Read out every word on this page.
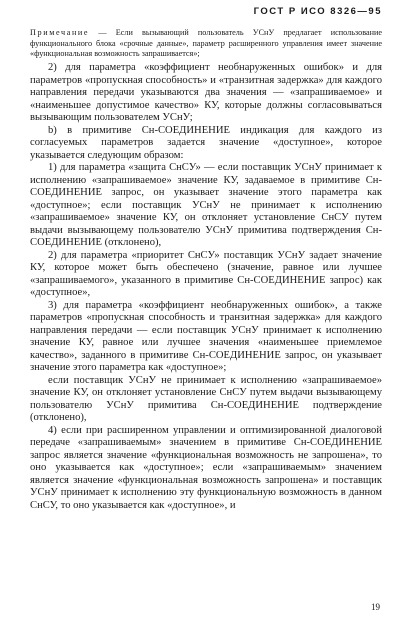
ГОСТ Р ИСО 8326—95
Примечание — Если вызывающий пользователь УСнУ предлагает использование функционального блока «срочные данные», параметр расширенного управления имеет значение «функциональная возможность запрашивается»;

2) для параметра «коэффициент необнаруженных ошибок» и для параметров «пропускная способность» и «транзитная задержка» для каждого направления передачи указываются два значения — «запрашиваемое» и «наименьшее допустимое качество» КУ, которые должны согласовываться вызывающим пользователем УСнУ;

b) в примитиве Сн-СОЕДИНЕНИЕ индикация для каждого из согласуемых параметров задается значение «доступное», которое указывается следующим образом:

1) для параметра «защита СнСУ» — если поставщик УСнУ принимает к исполнению «запрашиваемое» значение КУ, задаваемое в примитиве Сн-СОЕДИНЕНИЕ запрос, он указывает значение этого параметра как «доступное»; если поставщик УСнУ не принимает к исполнению «запрашиваемое» значение КУ, он отклоняет установление СнСУ путем выдачи вызывающему пользователю УСнУ примитива подтверждения Сн-СОЕДИНЕНИЕ (отклонено),

2) для параметра «приоритет СнСУ» поставщик УСнУ задает значение КУ, которое может быть обеспечено (значение, равное или лучшее «запрашиваемого», указанного в примитиве Сн-СОЕДИНЕНИЕ запрос) как «доступное»,

3) для параметра «коэффициент необнаруженных ошибок», а также параметров «пропускная способность и транзитная задержка» для каждого направления передачи — если поставщик УСнУ принимает к исполнению значение КУ, равное или лучшее значения «наименьшее приемлемое качество», заданного в примитиве Сн-СОЕДИНЕНИЕ запрос, он указывает значение этого параметра как «доступное»;

если поставщик УСнУ не принимает к исполнению «запрашиваемое» значение КУ, он отклоняет установление СнСУ путем выдачи вызывающему пользователю УСнУ примитива Сн-СОЕДИНЕНИЕ подтверждение (отклонено),

4) если при расширенном управлении и оптимизированной диалоговой передаче «запрашиваемым» значением в примитиве Сн-СОЕДИНЕНИЕ запрос является значение «функциональная возможность не запрошена», то оно указывается как «доступное»; если «запрашиваемым» значением является значение «функциональная возможность запрошена» и поставщик УСнУ принимает к исполнению эту функциональную возможность в данном СнСУ, то оно указывается как «доступное», и

19
